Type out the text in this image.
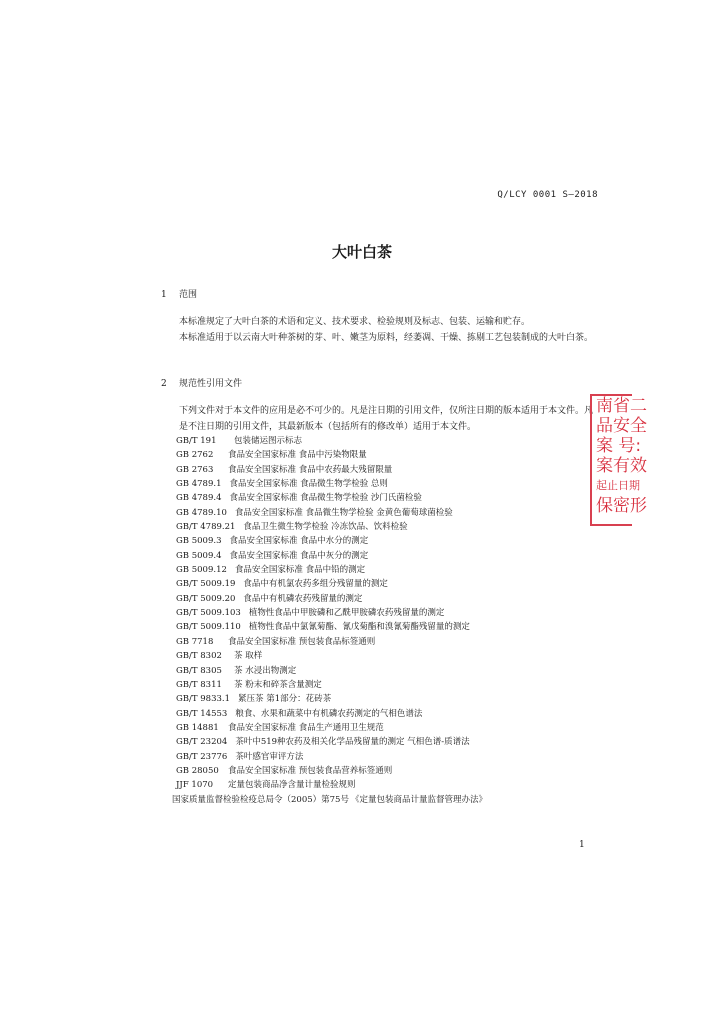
Q/LCY 0001 S—2018
大叶白茶
1 范围
本标准规定了大叶白茶的术语和定义、技术要求、检验规则及标志、包装、运输和贮存。
本标准适用于以云南大叶种茶树的芽、叶、嫩茎为原料，经萎凋、干燥、拣剔工艺包装制成的大叶白茶。
2 规范性引用文件
下列文件对于本文件的应用是必不可少的。凡是注日期的引用文件，仅所注日期的版本适用于本文件。凡是不注日期的引用文件，其最新版本（包括所有的修改单）适用于本文件。
GB/T 191 包装储运图示标志
GB 2762 食品安全国家标准 食品中污染物限量
GB 2763 食品安全国家标准 食品中农药最大残留限量
GB 4789.1 食品安全国家标准 食品微生物学检验 总则
GB 4789.4 食品安全国家标准 食品微生物学检验 沙门氏菌检验
GB 4789.10 食品安全国家标准 食品微生物学检验 金黄色葡萄球菌检验
GB/T 4789.21 食品卫生微生物学检验 冷冻饮品、饮料检验
GB 5009.3 食品安全国家标准 食品中水分的测定
GB 5009.4 食品安全国家标准 食品中灰分的测定
GB 5009.12 食品安全国家标准 食品中铅的测定
GB/T 5009.19 食品中有机氯农药多组分残留量的测定
GB/T 5009.20 食品中有机磷农药残留量的测定
GB/T 5009.103 植物性食品中甲胺磷和乙酰甲胺磷农药残留量的测定
GB/T 5009.110 植物性食品中氯氰菊酯、氰戊菊酯和溴氰菊酯残留量的测定
GB 7718 食品安全国家标准 预包装食品标签通则
GB/T 8302 茶 取样
GB/T 8305 茶 水浸出物测定
GB/T 8311 茶 粉末和碎茶含量测定
GB/T 9833.1 紧压茶 第1部分：花砖茶
GB/T 14553 粮食、水果和蔬菜中有机磷农药测定的气相色谱法
GB 14881 食品安全国家标准 食品生产通用卫生规范
GB/T 23204 茶叶中519种农药及相关化学品残留量的测定 气相色谱-质谱法
GB/T 23776 茶叶感官审评方法
GB 28050 食品安全国家标准 预包装食品营养标签通则
JJF 1070 定量包装商品净含量计量检验规则
国家质量监督检验检疫总局令（2005）第75号 《定量包装商品计量监督管理办法》
南省二
品安全
案 号:
案有效
起止日期
保密形
1
